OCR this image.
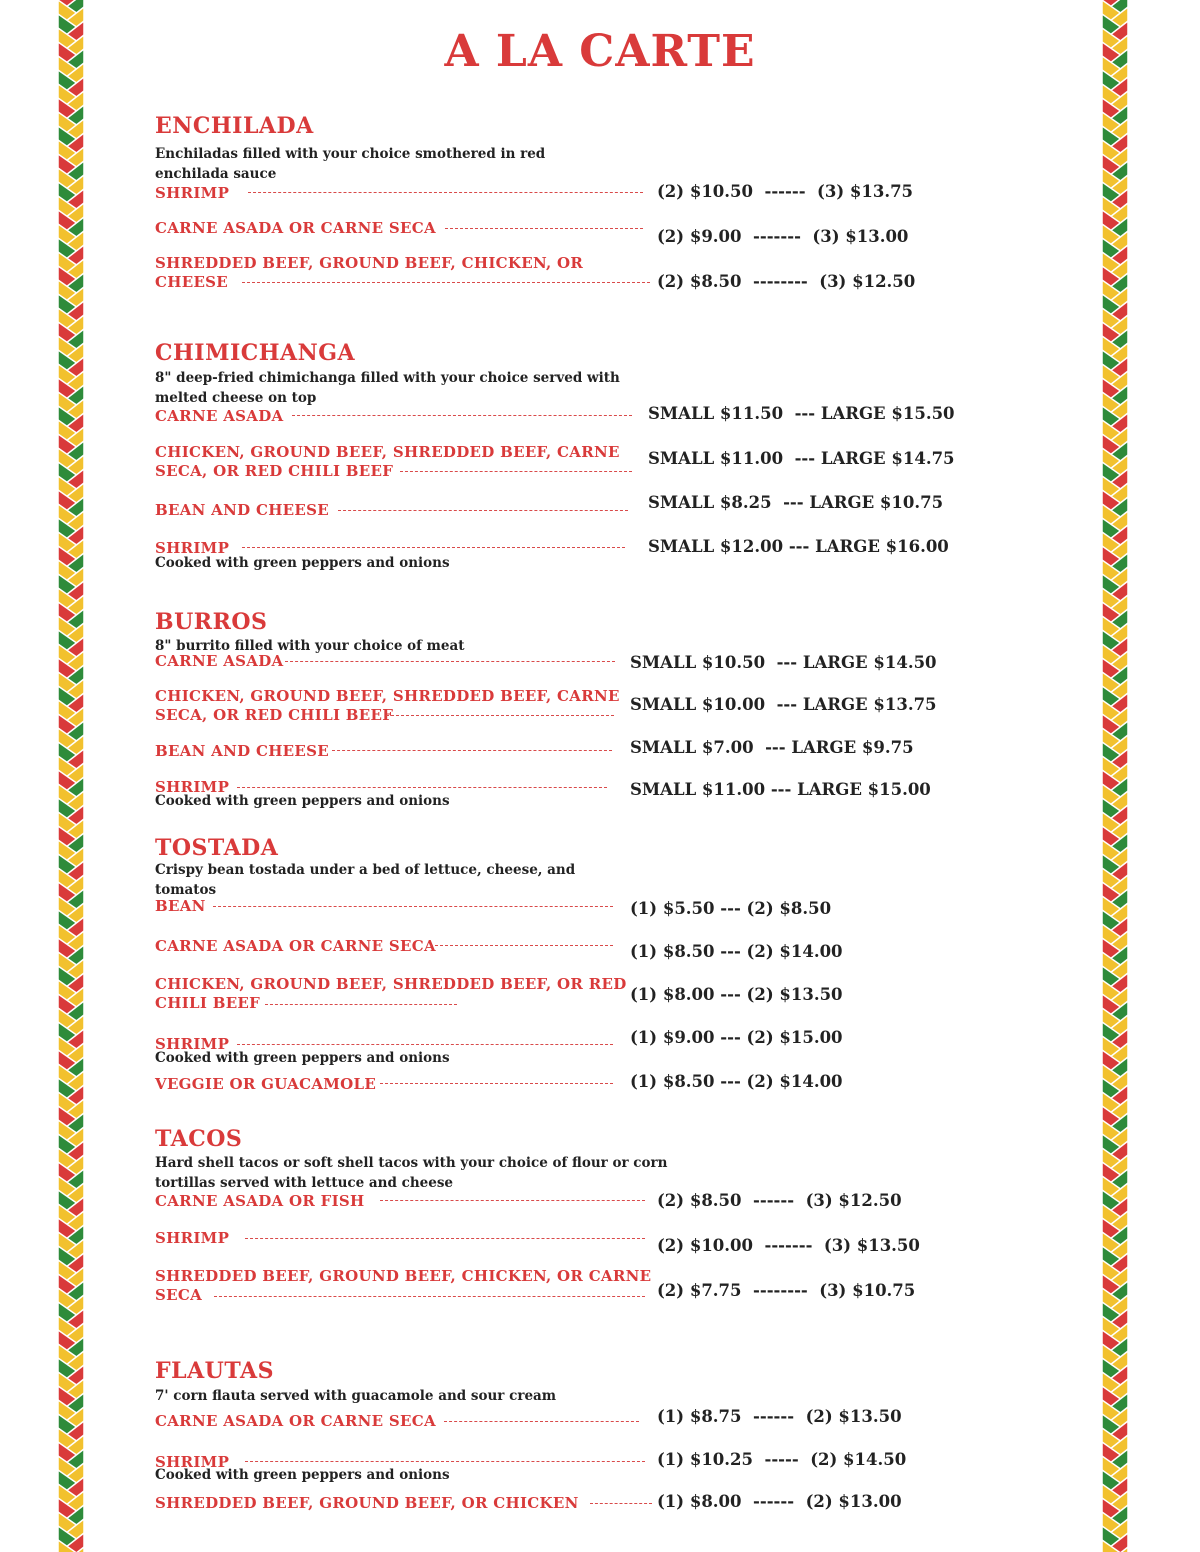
A LA CARTE
ENCHILADA
Enchiladas filled with your choice smothered in red enchilada sauce
SHRIMP	(2) $10.50  ------  (3) $13.75
CARNE ASADA OR CARNE SECA	(2) $9.00  -------  (3) $13.00
SHREDDED BEEF, GROUND BEEF, CHICKEN, OR
CHEESE	(2) $8.50  --------  (3) $12.50
CHIMICHANGA
8" deep-fried chimichanga filled with your choice served with melted cheese on top
CARNE ASADA	SMALL $11.50  --- LARGE $15.50
CHICKEN, GROUND BEEF, SHREDDED BEEF, CARNE
SECA, OR RED CHILI BEEF
SMALL $11.00  --- LARGE $14.75
BEAN AND CHEESE	SMALL $8.25  --- LARGE $10.75
SHRIMP
Cooked with green peppers and onions
SMALL $12.00 --- LARGE $16.00
BURROS
8" burrito filled with your choice of meat
CARNE ASADA	SMALL $10.50  --- LARGE $14.50
CHICKEN, GROUND BEEF, SHREDDED BEEF, CARNE
SECA, OR RED CHILI BEEF
SMALL $10.00  --- LARGE $13.75
BEAN AND CHEESE	SMALL $7.00  --- LARGE $9.75
SHRIMP
Cooked with green peppers and onions
SMALL $11.00 --- LARGE $15.00
TOSTADA
Crispy bean tostada under a bed of lettuce, cheese, and tomatos
BEAN	(1) $5.50 --- (2) $8.50
CARNE ASADA OR CARNE SECA	(1) $8.50 --- (2) $14.00
CHICKEN, GROUND BEEF, SHREDDED BEEF, OR RED
CHILI BEEF	(1) $8.00 --- (2) $13.50
SHRIMP
Cooked with green peppers and onions
(1) $9.00 --- (2) $15.00
VEGGIE OR GUACAMOLE	(1) $8.50 --- (2) $14.00
TACOS
Hard shell tacos or soft shell tacos with your choice of flour or corn tortillas served with lettuce and cheese
CARNE ASADA OR FISH	(2) $8.50  ------  (3) $12.50
SHRIMP	(2) $10.00  -------  (3) $13.50
SHREDDED BEEF, GROUND BEEF, CHICKEN, OR CARNE
SECA	(2) $7.75  --------  (3) $10.75
FLAUTAS
7' corn flauta served with guacamole and sour cream
CARNE ASADA OR CARNE SECA	(1) $8.75  ------  (2) $13.50
SHRIMP
Cooked with green peppers and onions
(1) $10.25  -----  (2) $14.50
SHREDDED BEEF, GROUND BEEF, OR CHICKEN	(1) $8.00  ------  (2) $13.00
